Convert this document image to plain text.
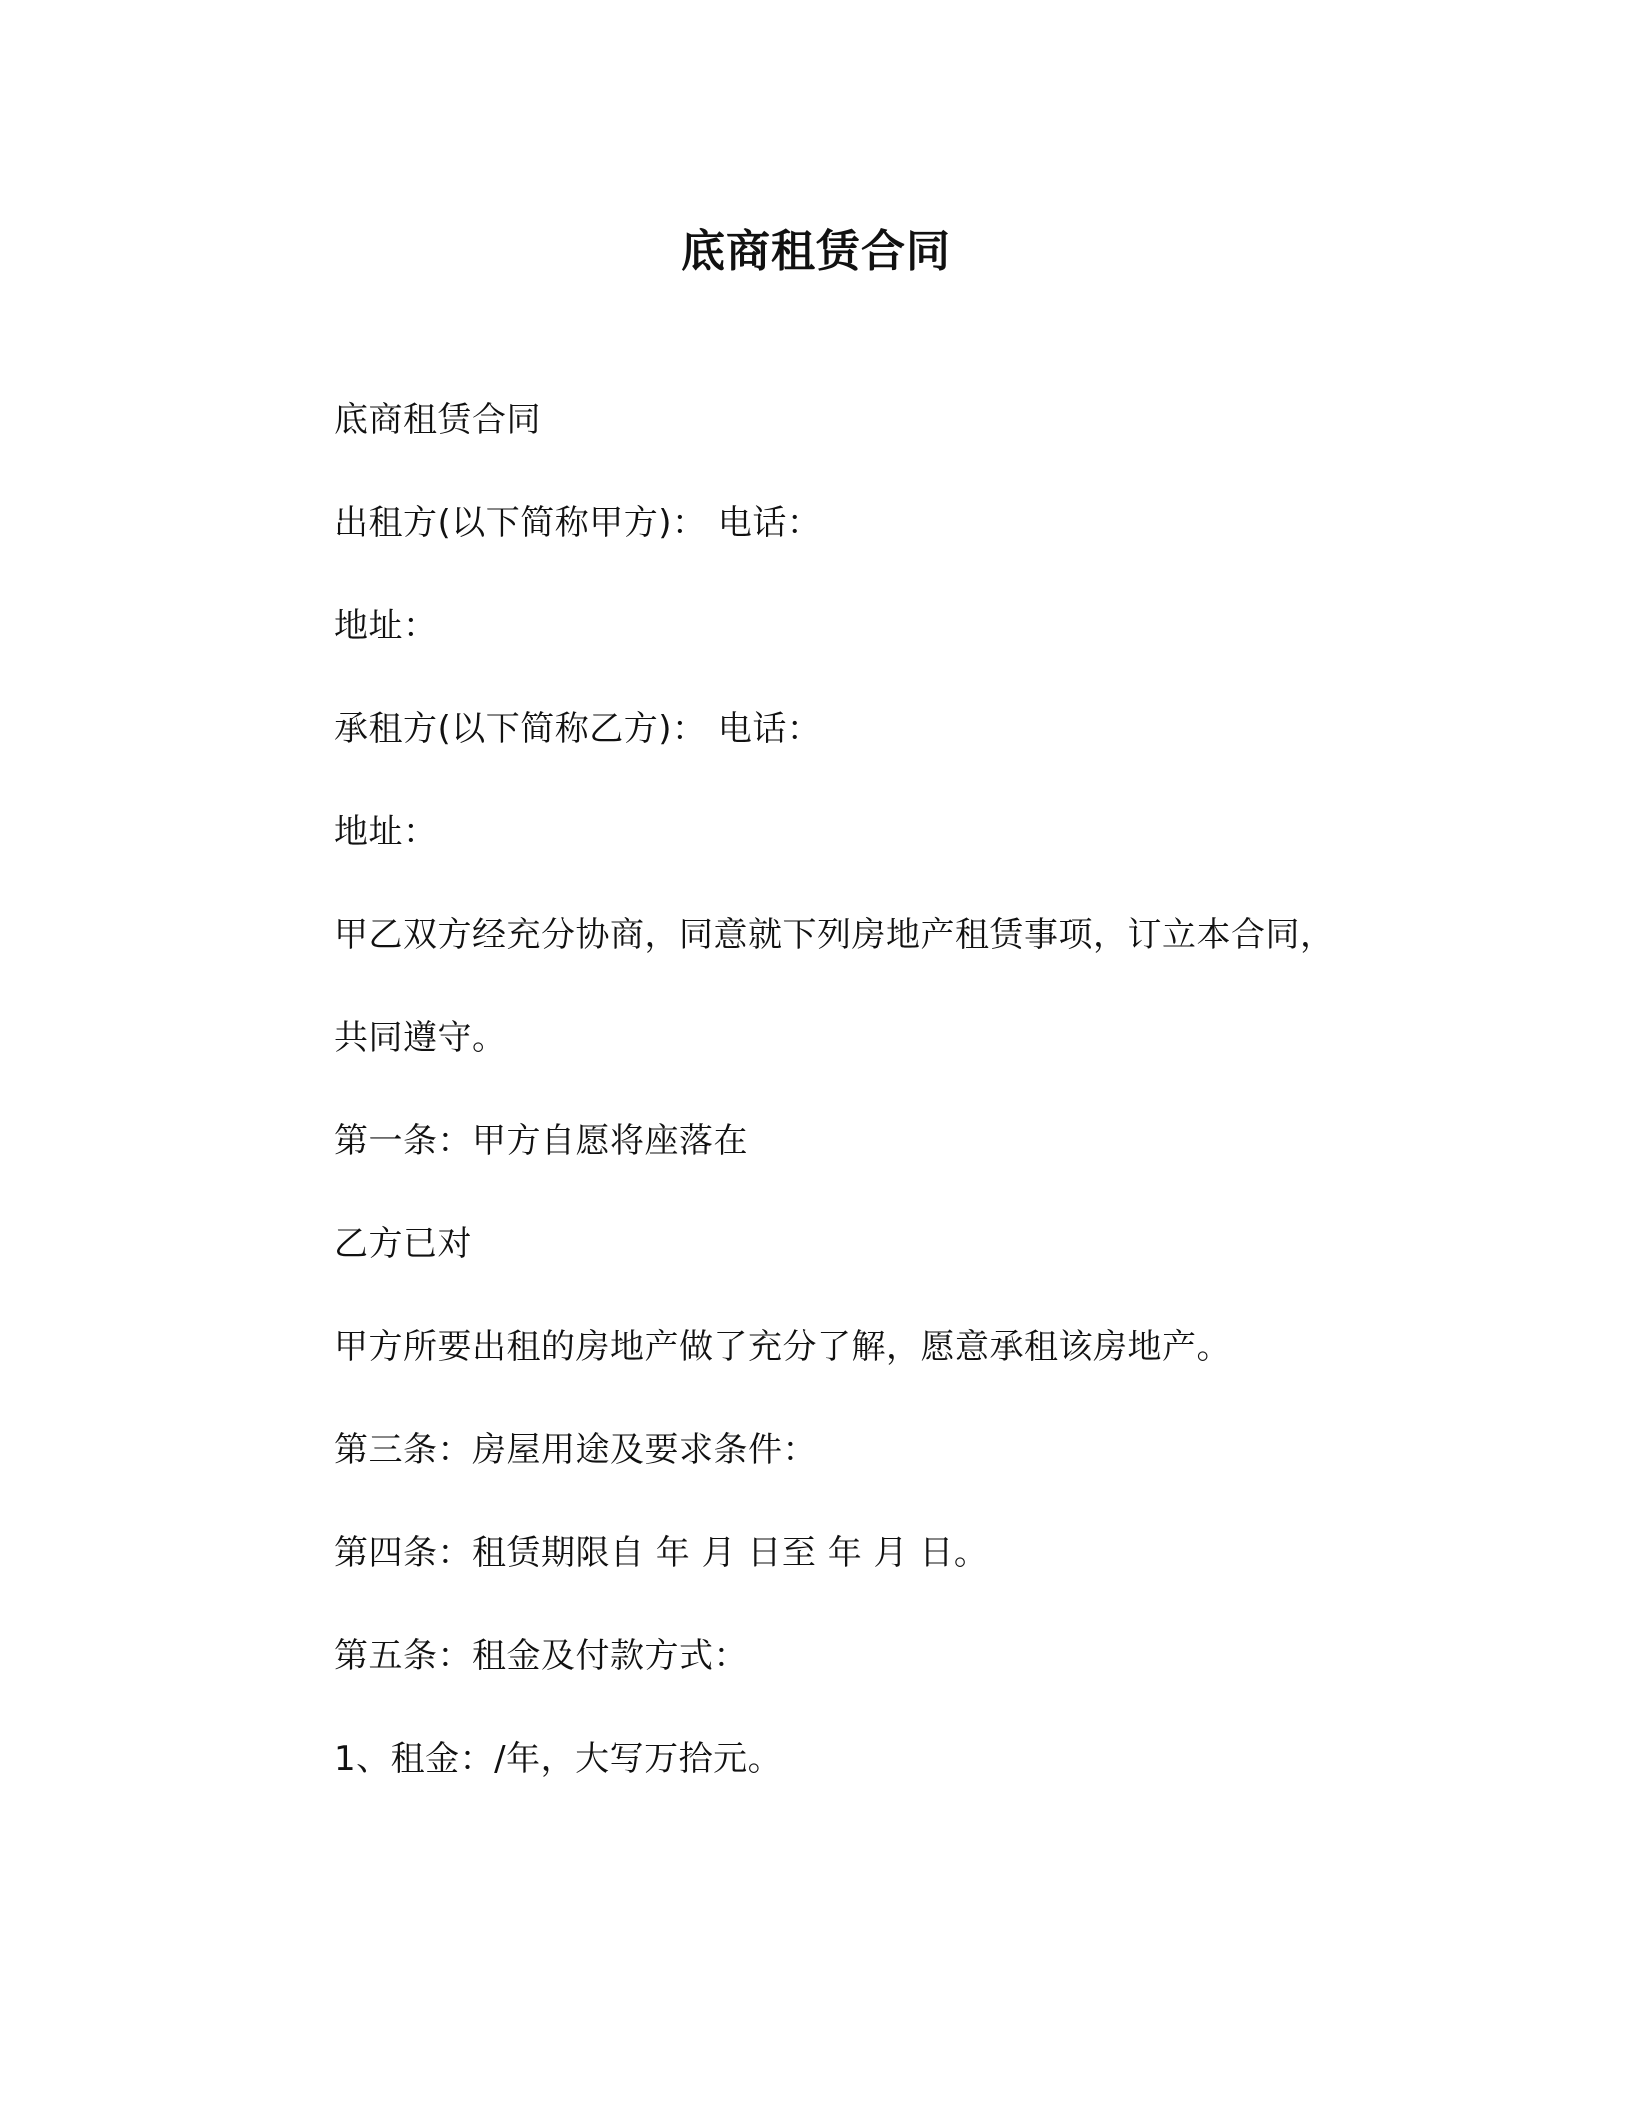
底商租赁合同

底商租赁合同

出租方(以下简称甲方)： 电话：

地址：

承租方(以下简称乙方)： 电话：

地址：

甲乙双方经充分协商，同意就下列房地产租赁事项，订立本合同，

共同遵守。

第一条：甲方自愿将座落在

乙方已对

甲方所要出租的房地产做了充分了解，愿意承租该房地产。

第三条：房屋用途及要求条件：

第四条：租赁期限自 年 月 日至 年 月 日。

第五条：租金及付款方式：

1、租金：/年，大写万拾元。
